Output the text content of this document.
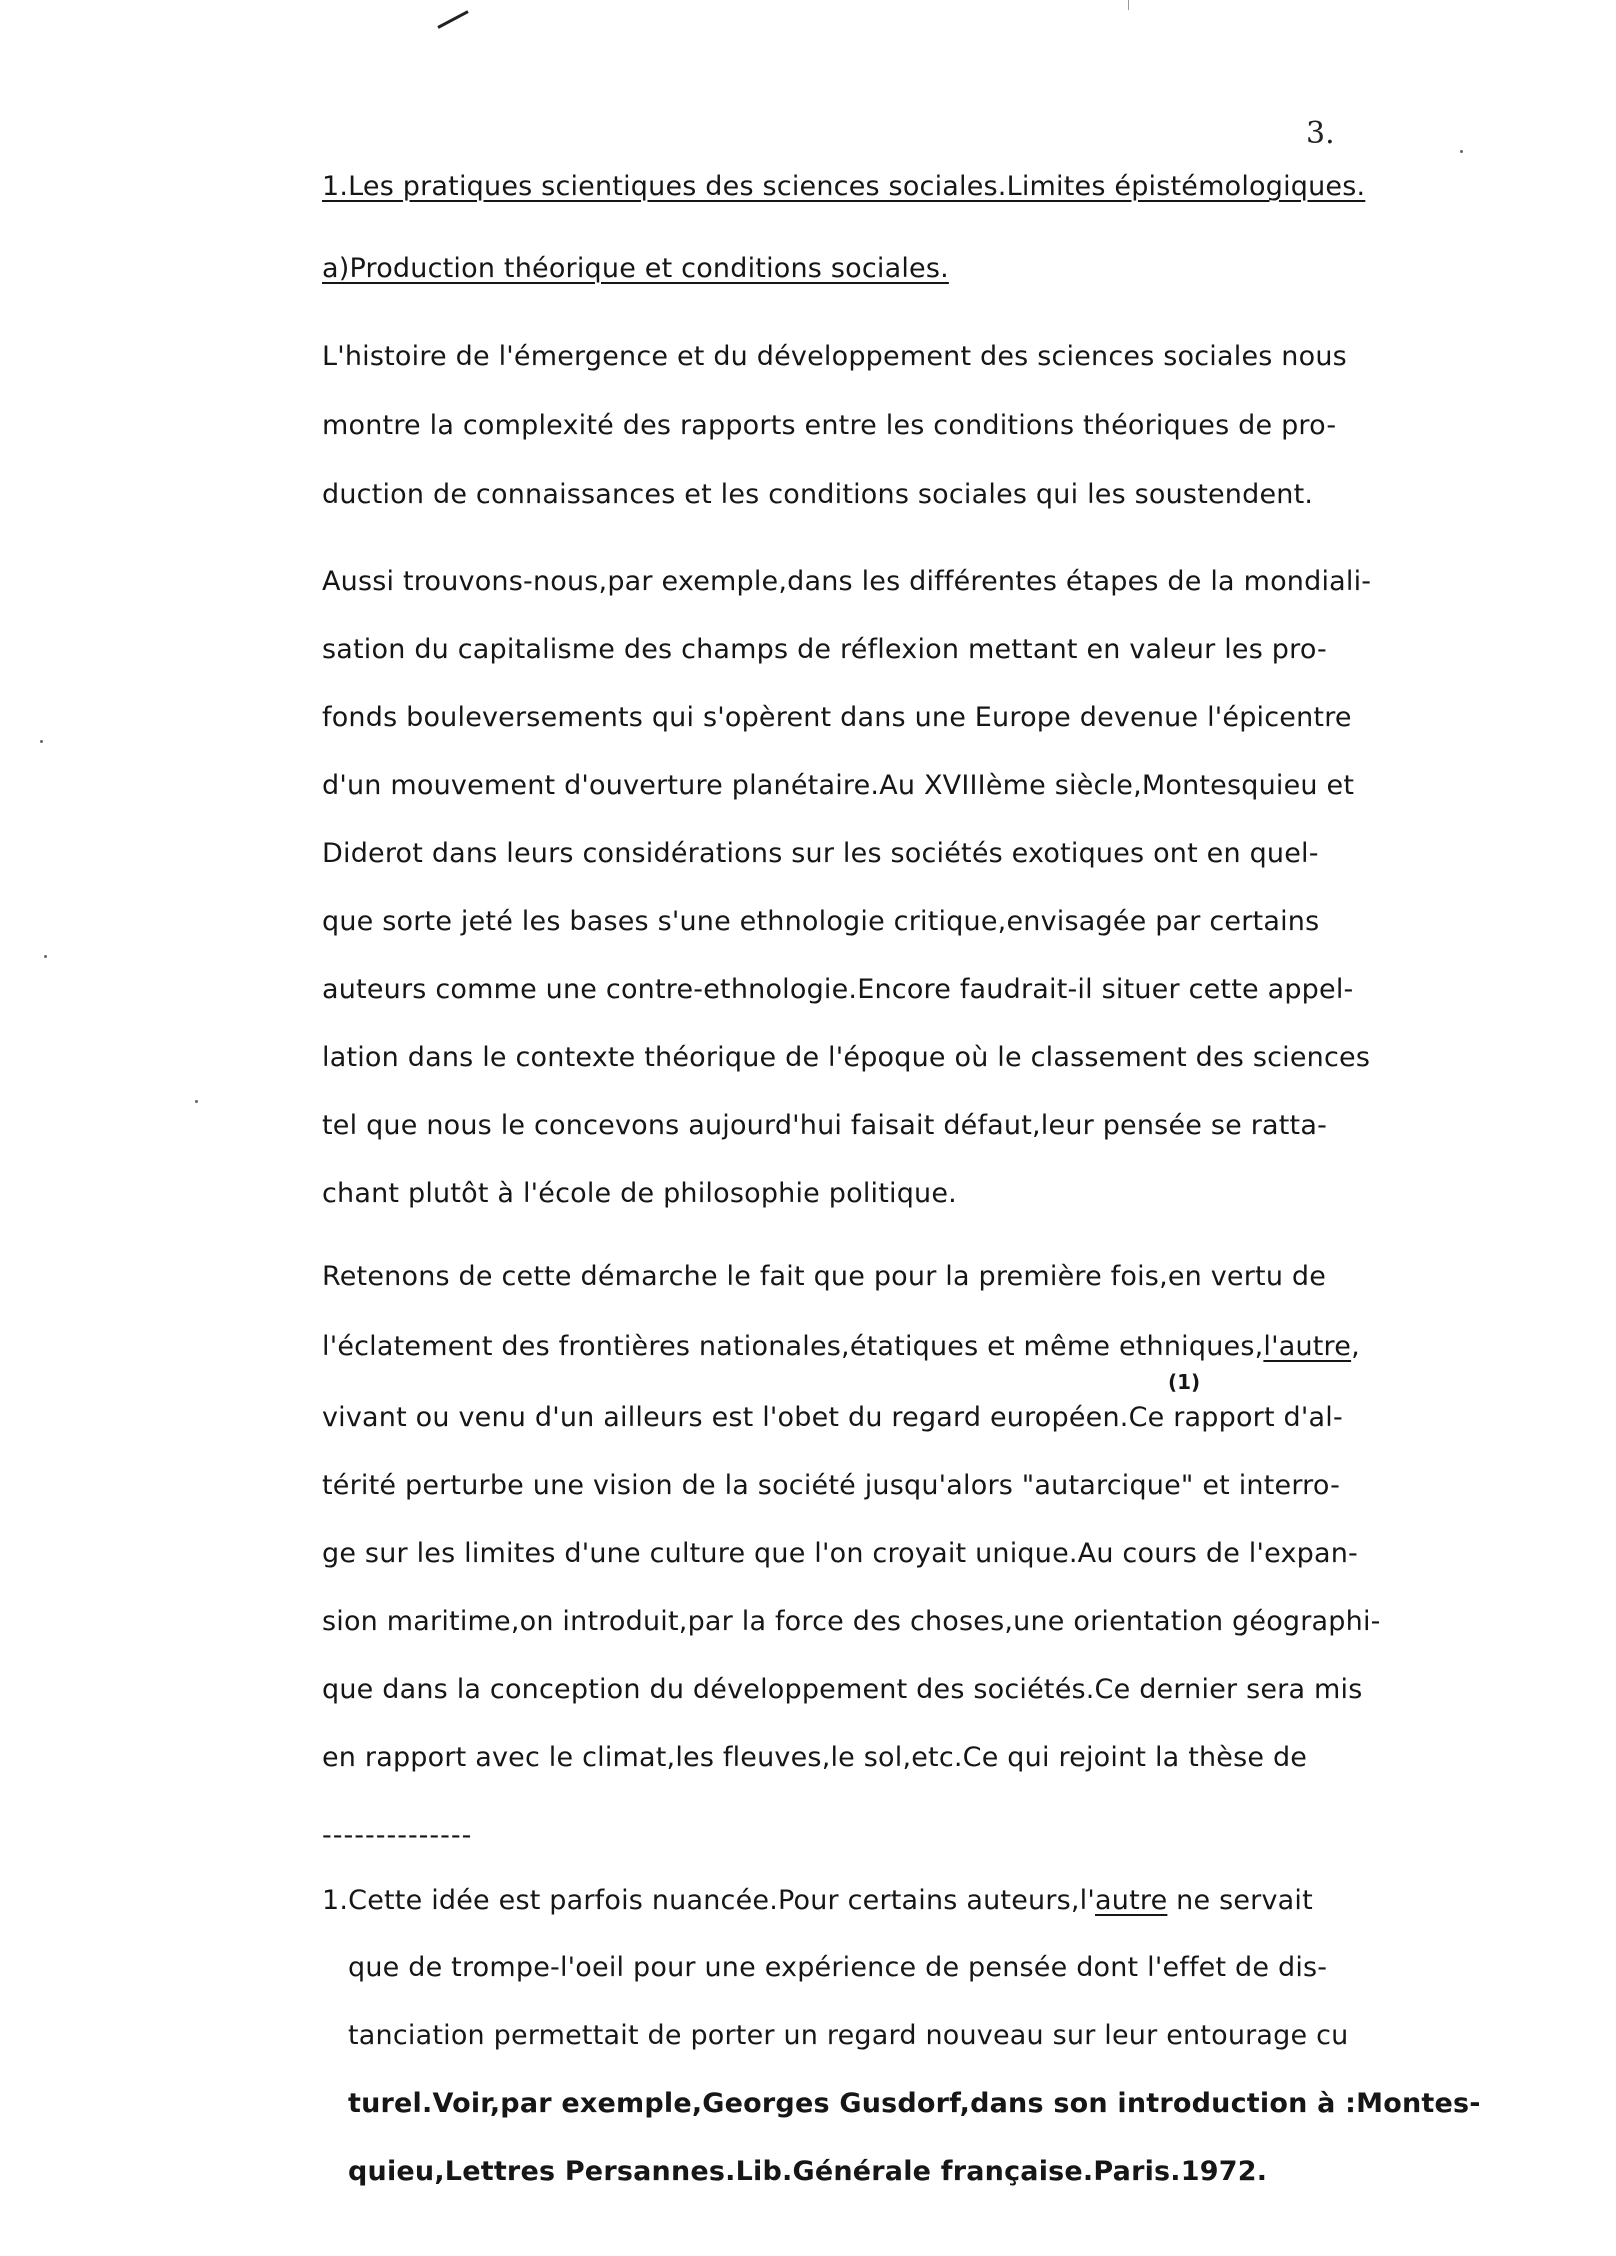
3.
1.Les pratiques scientiques des sciences sociales.Limites épistémologiques.
a)Production théorique et conditions sociales.
L'histoire de l'émergence et du développement des sciences sociales nous
montre la complexité des rapports entre les conditions théoriques de pro-
duction de connaissances et les conditions sociales qui les soustendent.
Aussi trouvons-nous,par exemple,dans les différentes étapes de la mondiali-
sation du capitalisme des champs de réflexion mettant en valeur les pro-
fonds bouleversements qui s'opèrent dans une Europe devenue l'épicentre
d'un mouvement d'ouverture planétaire.Au XVIIIème siècle,Montesquieu et
Diderot dans leurs considérations sur les sociétés exotiques ont en quel-
que sorte jeté les bases s'une ethnologie critique,envisagée par certains
auteurs comme une contre-ethnologie.Encore faudrait-il situer cette appel-
lation dans le contexte théorique de l'époque où le classement des sciences
tel que nous le concevons aujourd'hui faisait défaut,leur pensée se ratta-
chant plutôt à l'école de philosophie politique.
Retenons de cette démarche le fait que pour la première fois,en vertu de
l'éclatement des frontières nationales,étatiques et même ethniques,l'autre,
(1)
vivant ou venu d'un ailleurs est l'obet du regard européen.Ce rapport d'al-
térité perturbe une vision de la société jusqu'alors "autarcique" et interro-
ge sur les limites d'une culture que l'on croyait unique.Au cours de l'expan-
sion maritime,on introduit,par la force des choses,une orientation géographi-
que dans la conception du développement des sociétés.Ce dernier sera mis
en rapport avec le climat,les fleuves,le sol,etc.Ce qui rejoint la thèse de
--------------
1.Cette idée est parfois nuancée.Pour certains auteurs,l'autre ne servait
que de trompe-l'oeil pour une expérience de pensée dont l'effet de dis-
tanciation permettait de porter un regard nouveau sur leur entourage cu
turel.Voir,par exemple,Georges Gusdorf,dans son introduction à :Montes-
quieu,Lettres Persannes.Lib.Générale française.Paris.1972.
